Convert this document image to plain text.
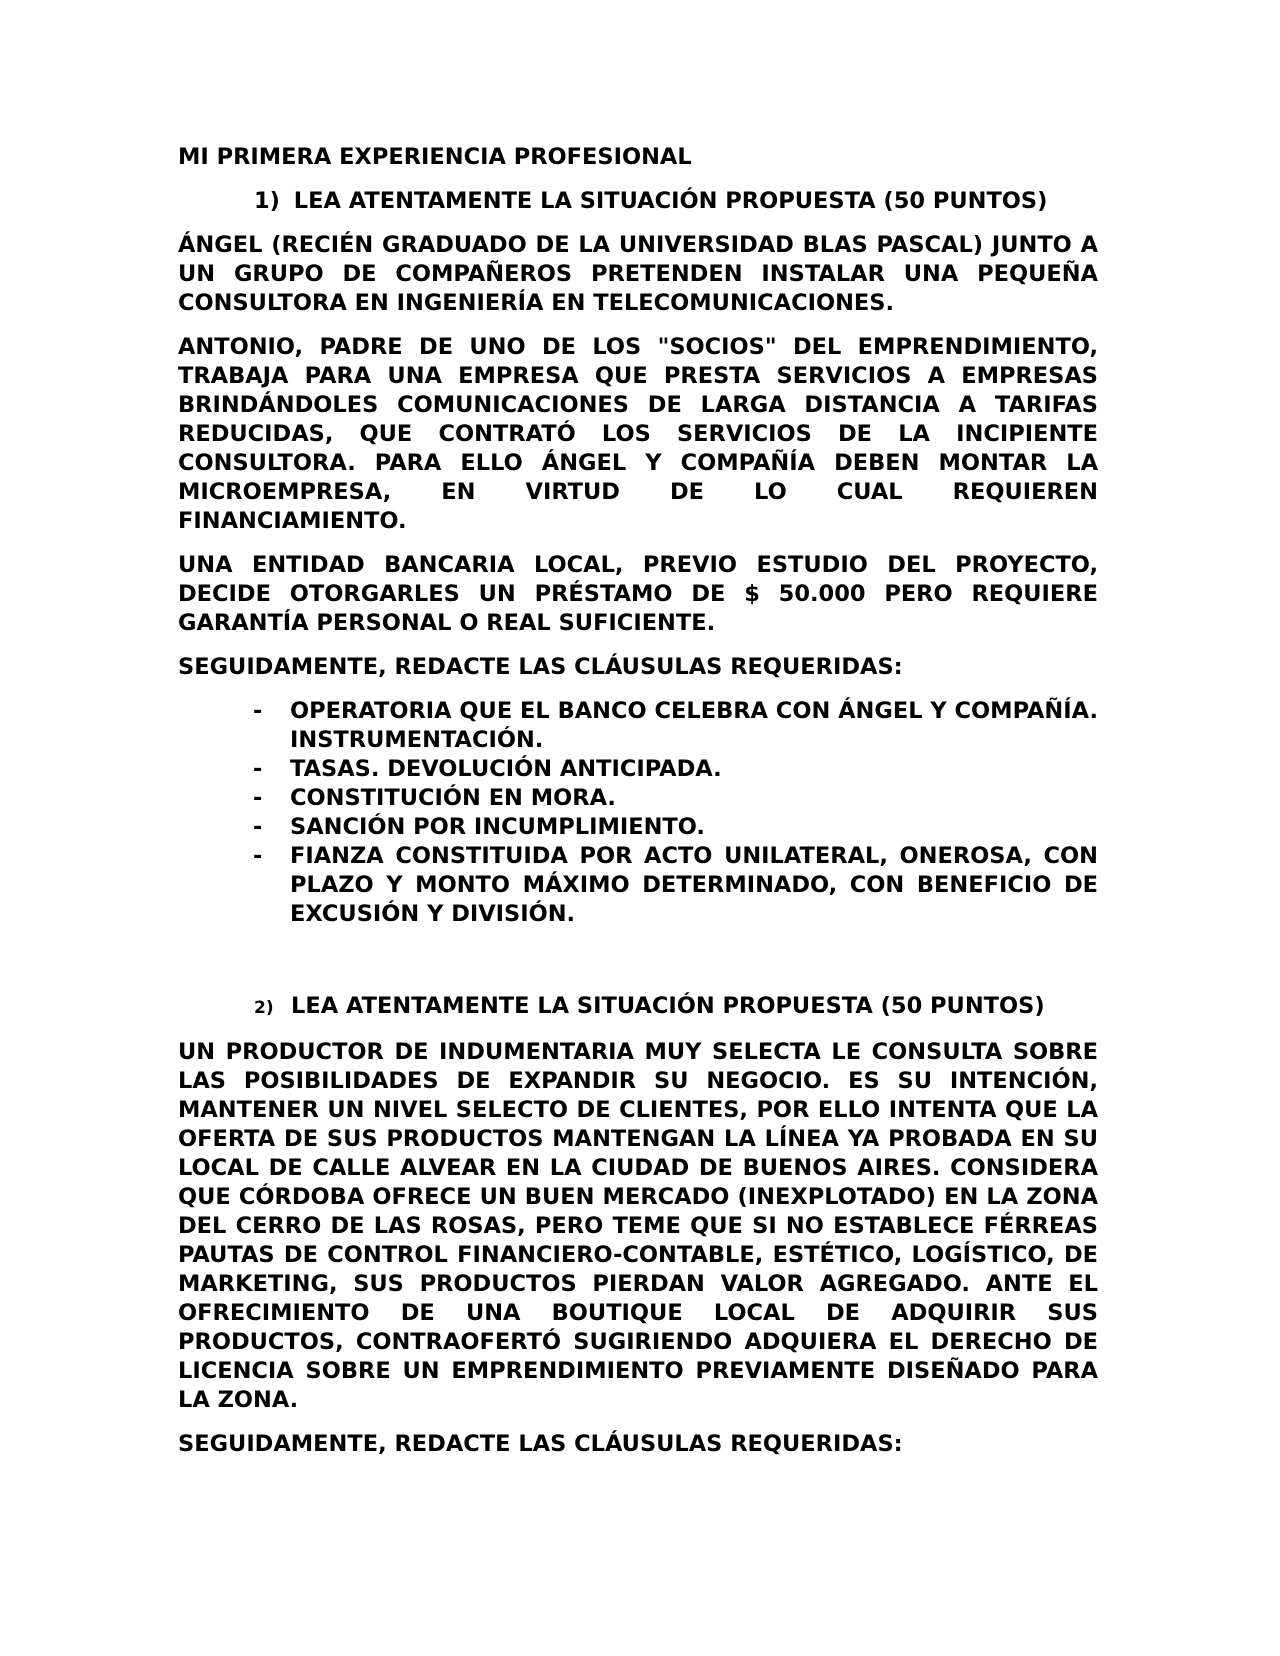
MI PRIMERA EXPERIENCIA PROFESIONAL
1) LEA ATENTAMENTE LA SITUACIÓN PROPUESTA (50 PUNTOS)

ÁNGEL (RECIÉN GRADUADO DE LA UNIVERSIDAD BLAS PASCAL) JUNTO A UN GRUPO DE COMPAÑEROS PRETENDEN INSTALAR UNA PEQUEÑA CONSULTORA EN INGENIERÍA EN TELECOMUNICACIONES.

ANTONIO, PADRE DE UNO DE LOS "SOCIOS" DEL EMPRENDIMIENTO, TRABAJA PARA UNA EMPRESA QUE PRESTA SERVICIOS A EMPRESAS BRINDÁNDOLES COMUNICACIONES DE LARGA DISTANCIA A TARIFAS REDUCIDAS, QUE CONTRATÓ LOS SERVICIOS DE LA INCIPIENTE CONSULTORA. PARA ELLO ÁNGEL Y COMPAÑÍA DEBEN MONTAR LA

MICROEMPRESA, EN VIRTUD DE LO CUAL REQUIEREN

FINANCIAMIENTO.

UNA ENTIDAD BANCARIA LOCAL, PREVIO ESTUDIO DEL PROYECTO, DECIDE OTORGARLES UN PRÉSTAMO DE $ 50.000 PERO REQUIERE GARANTÍA PERSONAL O REAL SUFICIENTE.

SEGUIDAMENTE, REDACTE LAS CLÁUSULAS REQUERIDAS:
- OPERATORIA QUE EL BANCO CELEBRA CON ÁNGEL Y COMPAÑÍA. INSTRUMENTACIÓN.
- TASAS. DEVOLUCIÓN ANTICIPADA.
- CONSTITUCIÓN EN MORA.
- SANCIÓN POR INCUMPLIMIENTO.
- FIANZA CONSTITUIDA POR ACTO UNILATERAL, ONEROSA, CON PLAZO Y MONTO MÁXIMO DETERMINADO, CON BENEFICIO DE EXCUSIÓN Y DIVISIÓN.
2) LEA ATENTAMENTE LA SITUACIÓN PROPUESTA (50 PUNTOS)

UN PRODUCTOR DE INDUMENTARIA MUY SELECTA LE CONSULTA SOBRE LAS POSIBILIDADES DE EXPANDIR SU NEGOCIO. ES SU INTENCIÓN, MANTENER UN NIVEL SELECTO DE CLIENTES, POR ELLO INTENTA QUE LA OFERTA DE SUS PRODUCTOS MANTENGAN LA LÍNEA YA PROBADA EN SU LOCAL DE CALLE ALVEAR EN LA CIUDAD DE BUENOS AIRES. CONSIDERA QUE CÓRDOBA OFRECE UN BUEN MERCADO (INEXPLOTADO) EN LA ZONA DEL CERRO DE LAS ROSAS, PERO TEME QUE SI NO ESTABLECE FÉRREAS PAUTAS DE CONTROL FINANCIERO-CONTABLE, ESTÉTICO, LOGÍSTICO, DE MARKETING, SUS PRODUCTOS PIERDAN VALOR AGREGADO. ANTE EL OFRECIMIENTO DE UNA BOUTIQUE LOCAL DE ADQUIRIR SUS PRODUCTOS, CONTRAOFERTÓ SUGIRIENDO ADQUIERA EL DERECHO DE LICENCIA SOBRE UN EMPRENDIMIENTO PREVIAMENTE DISEÑADO PARA LA ZONA.

SEGUIDAMENTE, REDACTE LAS CLÁUSULAS REQUERIDAS:
